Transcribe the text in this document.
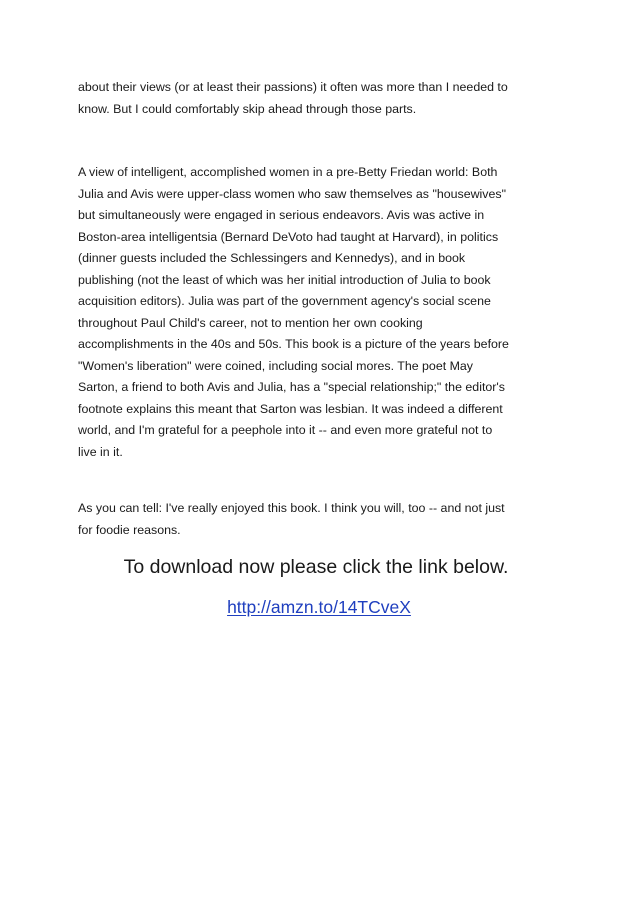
about their views (or at least their passions) it often was more than I needed to
know. But I could comfortably skip ahead through those parts.

A view of intelligent, accomplished women in a pre-Betty Friedan world: Both
Julia and Avis were upper-class women who saw themselves as "housewives"
but simultaneously were engaged in serious endeavors. Avis was active in
Boston-area intelligentsia (Bernard DeVoto had taught at Harvard), in politics
(dinner guests included the Schlessingers and Kennedys), and in book
publishing (not the least of which was her initial introduction of Julia to book
acquisition editors). Julia was part of the government agency's social scene
throughout Paul Child's career, not to mention her own cooking
accomplishments in the 40s and 50s. This book is a picture of the years before
"Women's liberation" were coined, including social mores. The poet May
Sarton, a friend to both Avis and Julia, has a "special relationship;" the editor's
footnote explains this meant that Sarton was lesbian. It was indeed a different
world, and I'm grateful for a peephole into it -- and even more grateful not to
live in it.

As you can tell: I've really enjoyed this book. I think you will, too -- and not just
for foodie reasons.

To download now please click the link below.

http://amzn.to/14TCveX
